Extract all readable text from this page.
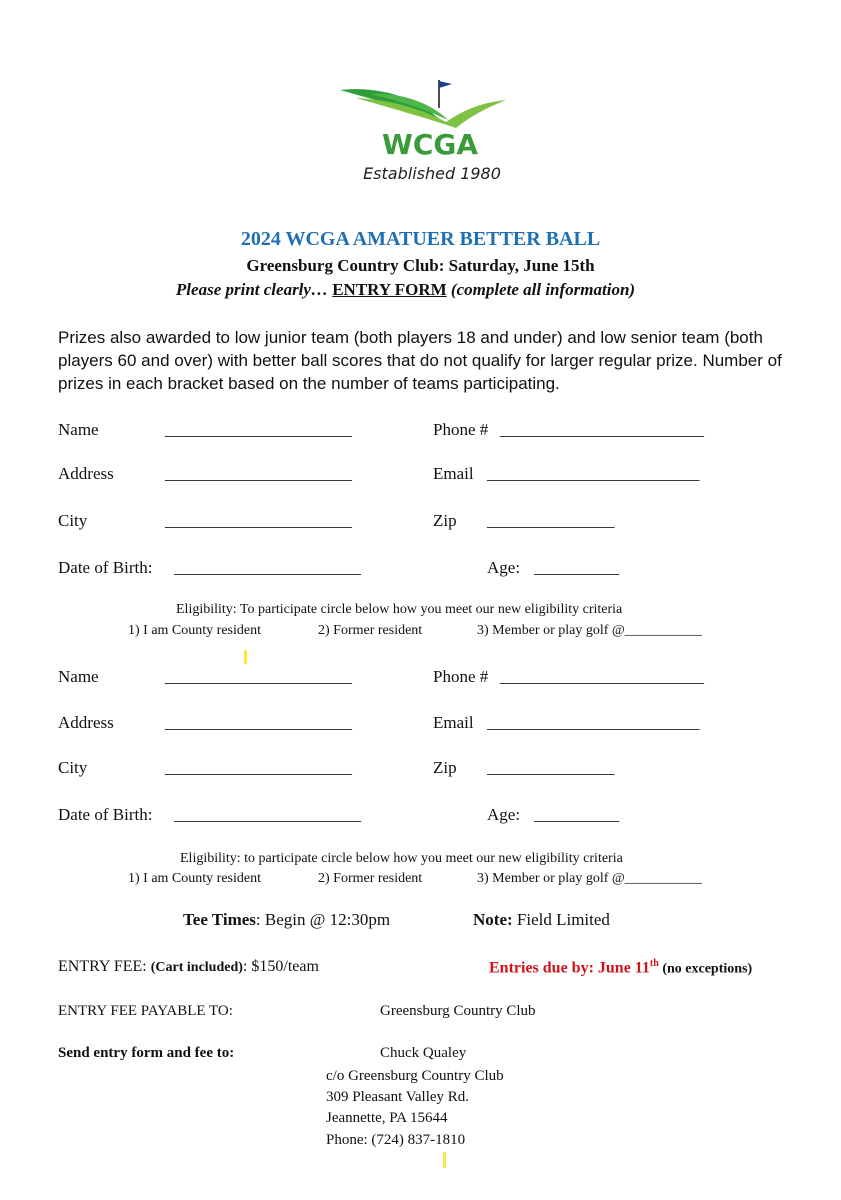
WCGA
Established 1980
2024 WCGA AMATUER BETTER BALL
Greensburg Country Club: Saturday, June 15th
Please print clearly… ENTRY FORM (complete all information)
Prizes also awarded to low junior team (both players 18 and under) and low senior team (both players 60 and over) with better ball scores that do not qualify for larger regular prize. Number of prizes in each bracket based on the number of teams participating.
Name	______________________	Phone # ________________________
Address	______________________	Email _________________________
City	______________________	Zip _______________
Date of Birth: ______________________	Age: __________
Eligibility: To participate circle below how you meet our new eligibility criteria
1) I am County resident	2) Former resident	3) Member or play golf @___________
Name	______________________	Phone # ________________________
Address	______________________	Email _________________________
City	______________________	Zip _______________
Date of Birth: ______________________	Age: __________
Eligibility: to participate circle below how you meet our new eligibility criteria
1) I am County resident	2) Former resident	3) Member or play golf @___________
Tee Times: Begin @ 12:30pm	Note: Field Limited
ENTRY FEE: (Cart included): $150/team	Entries due by: June 11th (no exceptions)
ENTRY FEE PAYABLE TO:	Greensburg Country Club
Send entry form and fee to:	Chuck Qualey
c/o Greensburg Country Club
309 Pleasant Valley Rd.
Jeannette, PA 15644
Phone: (724) 837-1810
